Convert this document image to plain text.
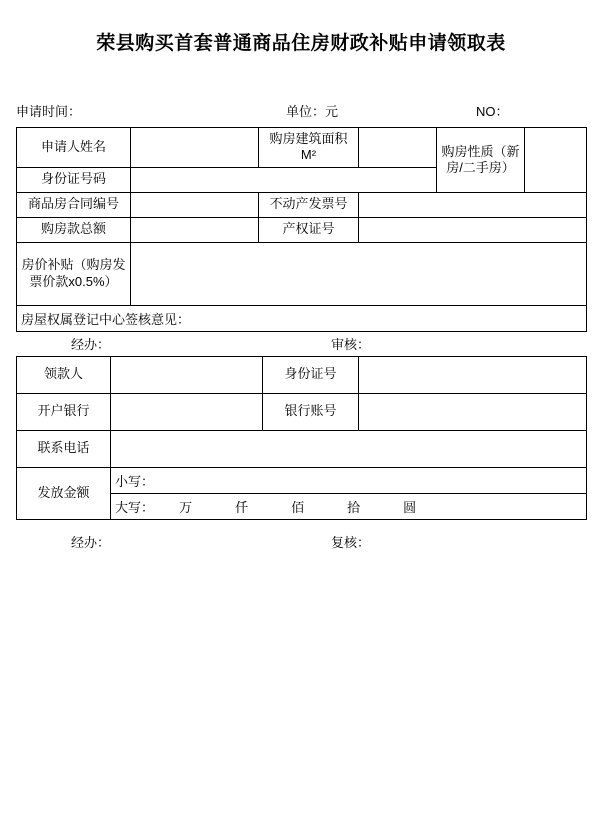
荣县购买首套普通商品住房财政补贴申请领取表
申请时间：	单位：元	NO：
申请人姓名		购房建筑面积 M²		购房性质（新房/二手房）	
身份证号码					
商品房合同编号		不动产发票号			
购房款总额		产权证号			
房价补贴（购房发票价款x0.5%）					
房屋权属登记中心签核意见：					
经办：	审核：
领款人		身份证号	
开户银行		银行账号	
联系电话			
发放金额	小写：		
	大写： 万 仟 佰 拾 圆		
经办：	复核：
